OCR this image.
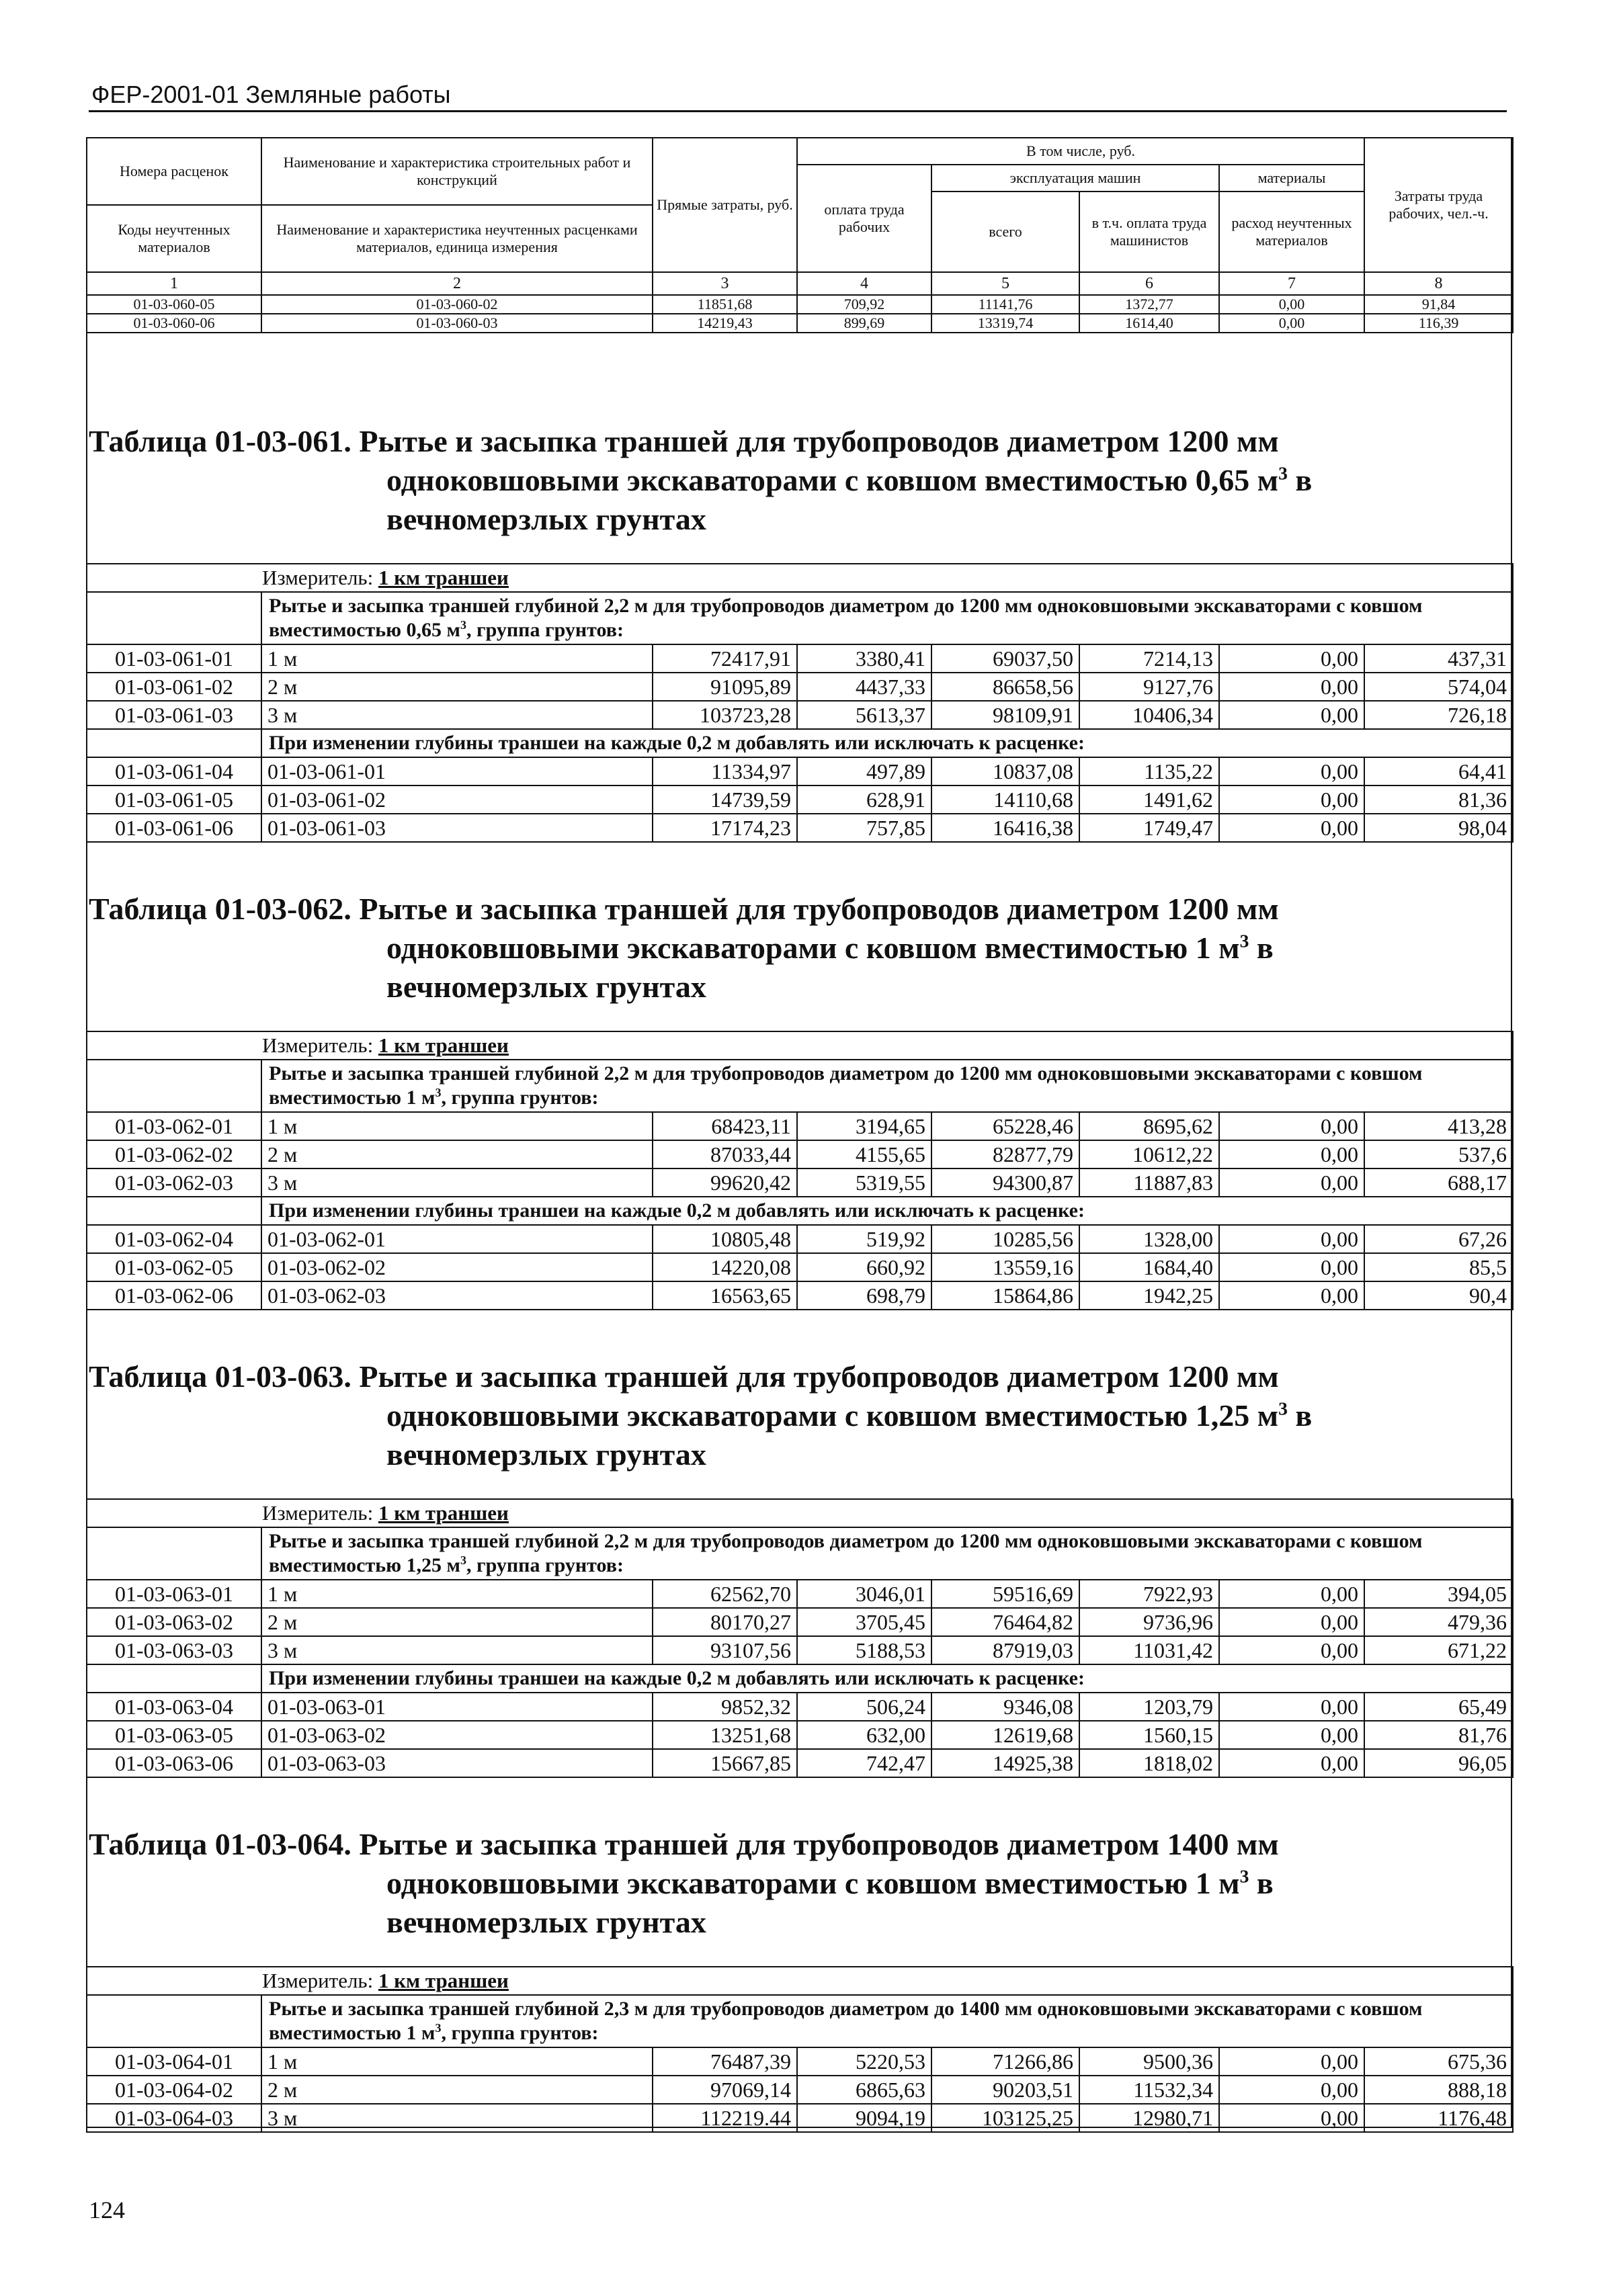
ФЕР-2001-01 Земляные работы
Номера расценок	Наименование и характеристика строительных работ и конструкций	Прямые затраты, руб.	В том числе, руб.				Затраты труда рабочих, чел.-ч.
			оплата труда рабочих	эксплуатация машин		материалы	
				всего	в т.ч. оплата труда машинистов	расход неучтенных материалов	
Коды неучтенных материалов	Наименование и характеристика неучтенных расценками материалов, единица измерения						
1	2	3	4	5	6	7	8
01-03-060-05	01-03-060-02	11851,68	709,92	11141,76	1372,77	0,00	91,84
01-03-060-06	01-03-060-03	14219,43	899,69	13319,74	1614,40	0,00	116,39
Таблица 01-03-061. Рытье и засыпка траншей для трубопроводов диаметром 1200 мм
одноковшовыми экскаваторами с ковшом вместимостью 0,65 $м^3$ в
вечномерзлых грунтах
Измеритель: 1 км траншеи							
	Рытье и засыпка траншей глубиной 2,2 м для трубопроводов диаметром до 1200 мм одноковшовыми экскаваторами с ковшом вместимостью 0,65 $м^3$, группа грунтов:						
01-03-061-01	1 м	72417,91	3380,41	69037,50	7214,13	0,00	437,31
01-03-061-02	2 м	91095,89	4437,33	86658,56	9127,76	0,00	574,04
01-03-061-03	3 м	103723,28	5613,37	98109,91	10406,34	0,00	726,18
	При изменении глубины траншеи на каждые 0,2 м добавлять или исключать к расценке:						
01-03-061-04	01-03-061-01	11334,97	497,89	10837,08	1135,22	0,00	64,41
01-03-061-05	01-03-061-02	14739,59	628,91	14110,68	1491,62	0,00	81,36
01-03-061-06	01-03-061-03	17174,23	757,85	16416,38	1749,47	0,00	98,04
Таблица 01-03-062. Рытье и засыпка траншей для трубопроводов диаметром 1200 мм
одноковшовыми экскаваторами с ковшом вместимостью 1 $м^3$ в
вечномерзлых грунтах
Измеритель: 1 км траншеи							
	Рытье и засыпка траншей глубиной 2,2 м для трубопроводов диаметром до 1200 мм одноковшовыми экскаваторами с ковшом вместимостью 1 $м^3$, группа грунтов:						
01-03-062-01	1 м	68423,11	3194,65	65228,46	8695,62	0,00	413,28
01-03-062-02	2 м	87033,44	4155,65	82877,79	10612,22	0,00	537,6
01-03-062-03	3 м	99620,42	5319,55	94300,87	11887,83	0,00	688,17
	При изменении глубины траншеи на каждые 0,2 м добавлять или исключать к расценке:						
01-03-062-04	01-03-062-01	10805,48	519,92	10285,56	1328,00	0,00	67,26
01-03-062-05	01-03-062-02	14220,08	660,92	13559,16	1684,40	0,00	85,5
01-03-062-06	01-03-062-03	16563,65	698,79	15864,86	1942,25	0,00	90,4
Таблица 01-03-063. Рытье и засыпка траншей для трубопроводов диаметром 1200 мм
одноковшовыми экскаваторами с ковшом вместимостью 1,25 $м^3$ в
вечномерзлых грунтах
Измеритель: 1 км траншеи							
	Рытье и засыпка траншей глубиной 2,2 м для трубопроводов диаметром до 1200 мм одноковшовыми экскаваторами с ковшом вместимостью 1,25 $м^3$, группа грунтов:						
01-03-063-01	1 м	62562,70	3046,01	59516,69	7922,93	0,00	394,05
01-03-063-02	2 м	80170,27	3705,45	76464,82	9736,96	0,00	479,36
01-03-063-03	3 м	93107,56	5188,53	87919,03	11031,42	0,00	671,22
	При изменении глубины траншеи на каждые 0,2 м добавлять или исключать к расценке:						
01-03-063-04	01-03-063-01	9852,32	506,24	9346,08	1203,79	0,00	65,49
01-03-063-05	01-03-063-02	13251,68	632,00	12619,68	1560,15	0,00	81,76
01-03-063-06	01-03-063-03	15667,85	742,47	14925,38	1818,02	0,00	96,05
Таблица 01-03-064. Рытье и засыпка траншей для трубопроводов диаметром 1400 мм
одноковшовыми экскаваторами с ковшом вместимостью 1 $м^3$ в
вечномерзлых грунтах
Измеритель: 1 км траншеи							
	Рытье и засыпка траншей глубиной 2,3 м для трубопроводов диаметром до 1400 мм одноковшовыми экскаваторами с ковшом вместимостью 1 $м^3$, группа грунтов:						
01-03-064-01	1 м	76487,39	5220,53	71266,86	9500,36	0,00	675,36
01-03-064-02	2 м	97069,14	6865,63	90203,51	11532,34	0,00	888,18
01-03-064-03	3 м	112219.44	9094,19	103125,25	12980,71	0,00	1176,48
124
